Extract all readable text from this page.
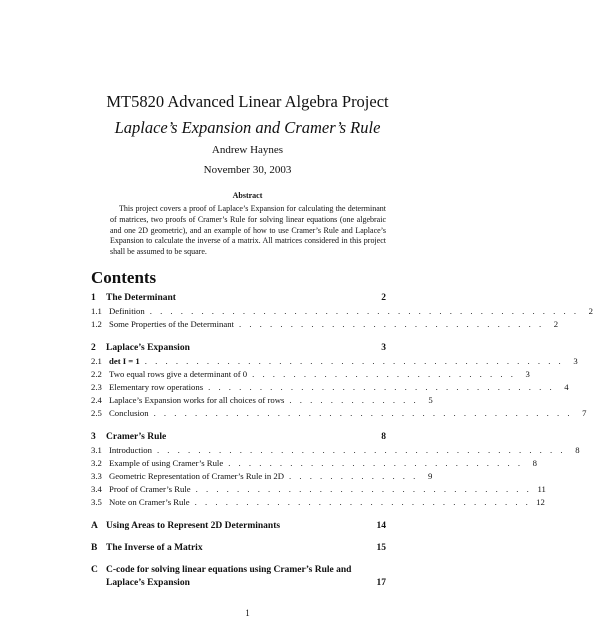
MT5820 Advanced Linear Algebra Project
Laplace’s Expansion and Cramer’s Rule
Andrew Haynes
November 30, 2003
Abstract
This project covers a proof of Laplace’s Expansion for calculating the determinant of matrices, two proofs of Cramer’s Rule for solving linear equations (one algebraic and one 2D geometric), and an example of how to use Cramer’s Rule and Laplace’s Expansion to calculate the inverse of a matrix. All matrices considered in this project shall be assumed to be square.
Contents
1	The Determinant	2
1.1 Definition . . . . . . . . . . . . . . . . . . . . . . . . . . . . . . . . . . . . . . . . . .	2
1.2 Some Properties of the Determinant . . . . . . . . . . . . . . . . . . . . . . . . . . . . . .	2
2	Laplace’s Expansion	3
2.1 det I = 1 . . . . . . . . . . . . . . . . . . . . . . . . . . . . . . . . . . . . . . . . .	3
2.2 Two equal rows give a determinant of 0 . . . . . . . . . . . . . . . . . . . . . . . . . .	3
2.3 Elementary row operations . . . . . . . . . . . . . . . . . . . . . . . . . . . . . . . . . .	4
2.4 Laplace’s Expansion works for all choices of rows . . . . . . . . . . . . .	5
2.5 Conclusion . . . . . . . . . . . . . . . . . . . . . . . . . . . . . . . . . . . . . . . . .	7
3	Cramer’s Rule	8
3.1 Introduction . . . . . . . . . . . . . . . . . . . . . . . . . . . . . . . . . . . . . . . .	8
3.2 Example of using Cramer’s Rule . . . . . . . . . . . . . . . . . . . . . . . . . . . . .	8
3.3 Geometric Representation of Cramer’s Rule in 2D . . . . . . . . . . . . .	9
3.4 Proof of Cramer’s Rule . . . . . . . . . . . . . . . . . . . . . . . . . . . . . . . . . 11
3.5 Note on Cramer’s Rule . . . . . . . . . . . . . . . . . . . . . . . . . . . . . . . . . 12
A Using Areas to Represent 2D Determinants	14
B The Inverse of a Matrix	15
C C-code for solving linear equations using Cramer’s Rule and
Laplace’s Expansion	17
1
